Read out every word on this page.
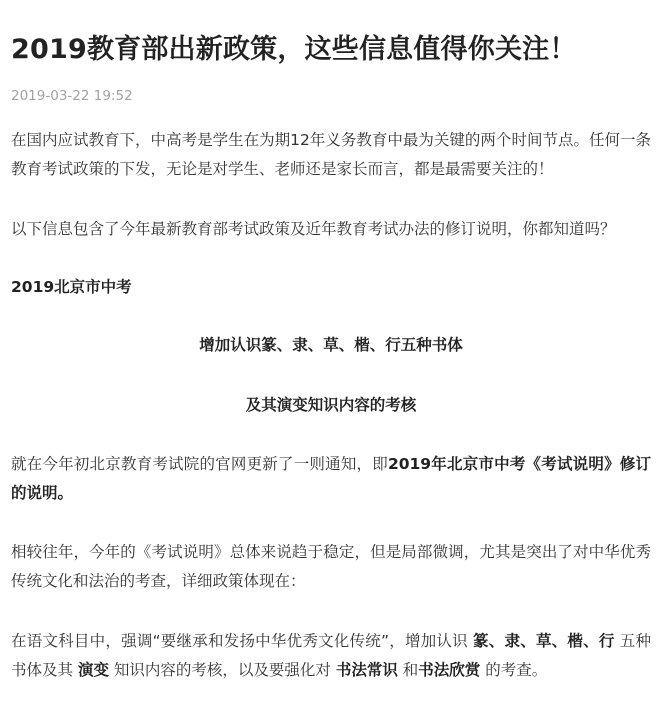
2019教育部出新政策，这些信息值得你关注！
2019-03-22 19:52

在国内应试教育下，中高考是学生在为期12年义务教育中最为关键的两个时间节点。任何一条教育考试政策的下发，无论是对学生、老师还是家长而言，都是最需要关注的！

以下信息包含了今年最新教育部考试政策及近年教育考试办法的修订说明，你都知道吗？

2019北京市中考

增加认识篆、隶、草、楷、行五种书体

及其演变知识内容的考核

就在今年初北京教育考试院的官网更新了一则通知，即2019年北京市中考《考试说明》修订的说明。

相较往年，今年的《考试说明》总体来说趋于稳定，但是局部微调，尤其是突出了对中华优秀传统文化和法治的考查，详细政策体现在：

在语文科目中，强调“要继承和发扬中华优秀文化传统”，增加认识 篆、隶、草、楷、行 五种书体及其 演变 知识内容的考核，以及要强化对 书法常识 和书法欣赏 的考查。
